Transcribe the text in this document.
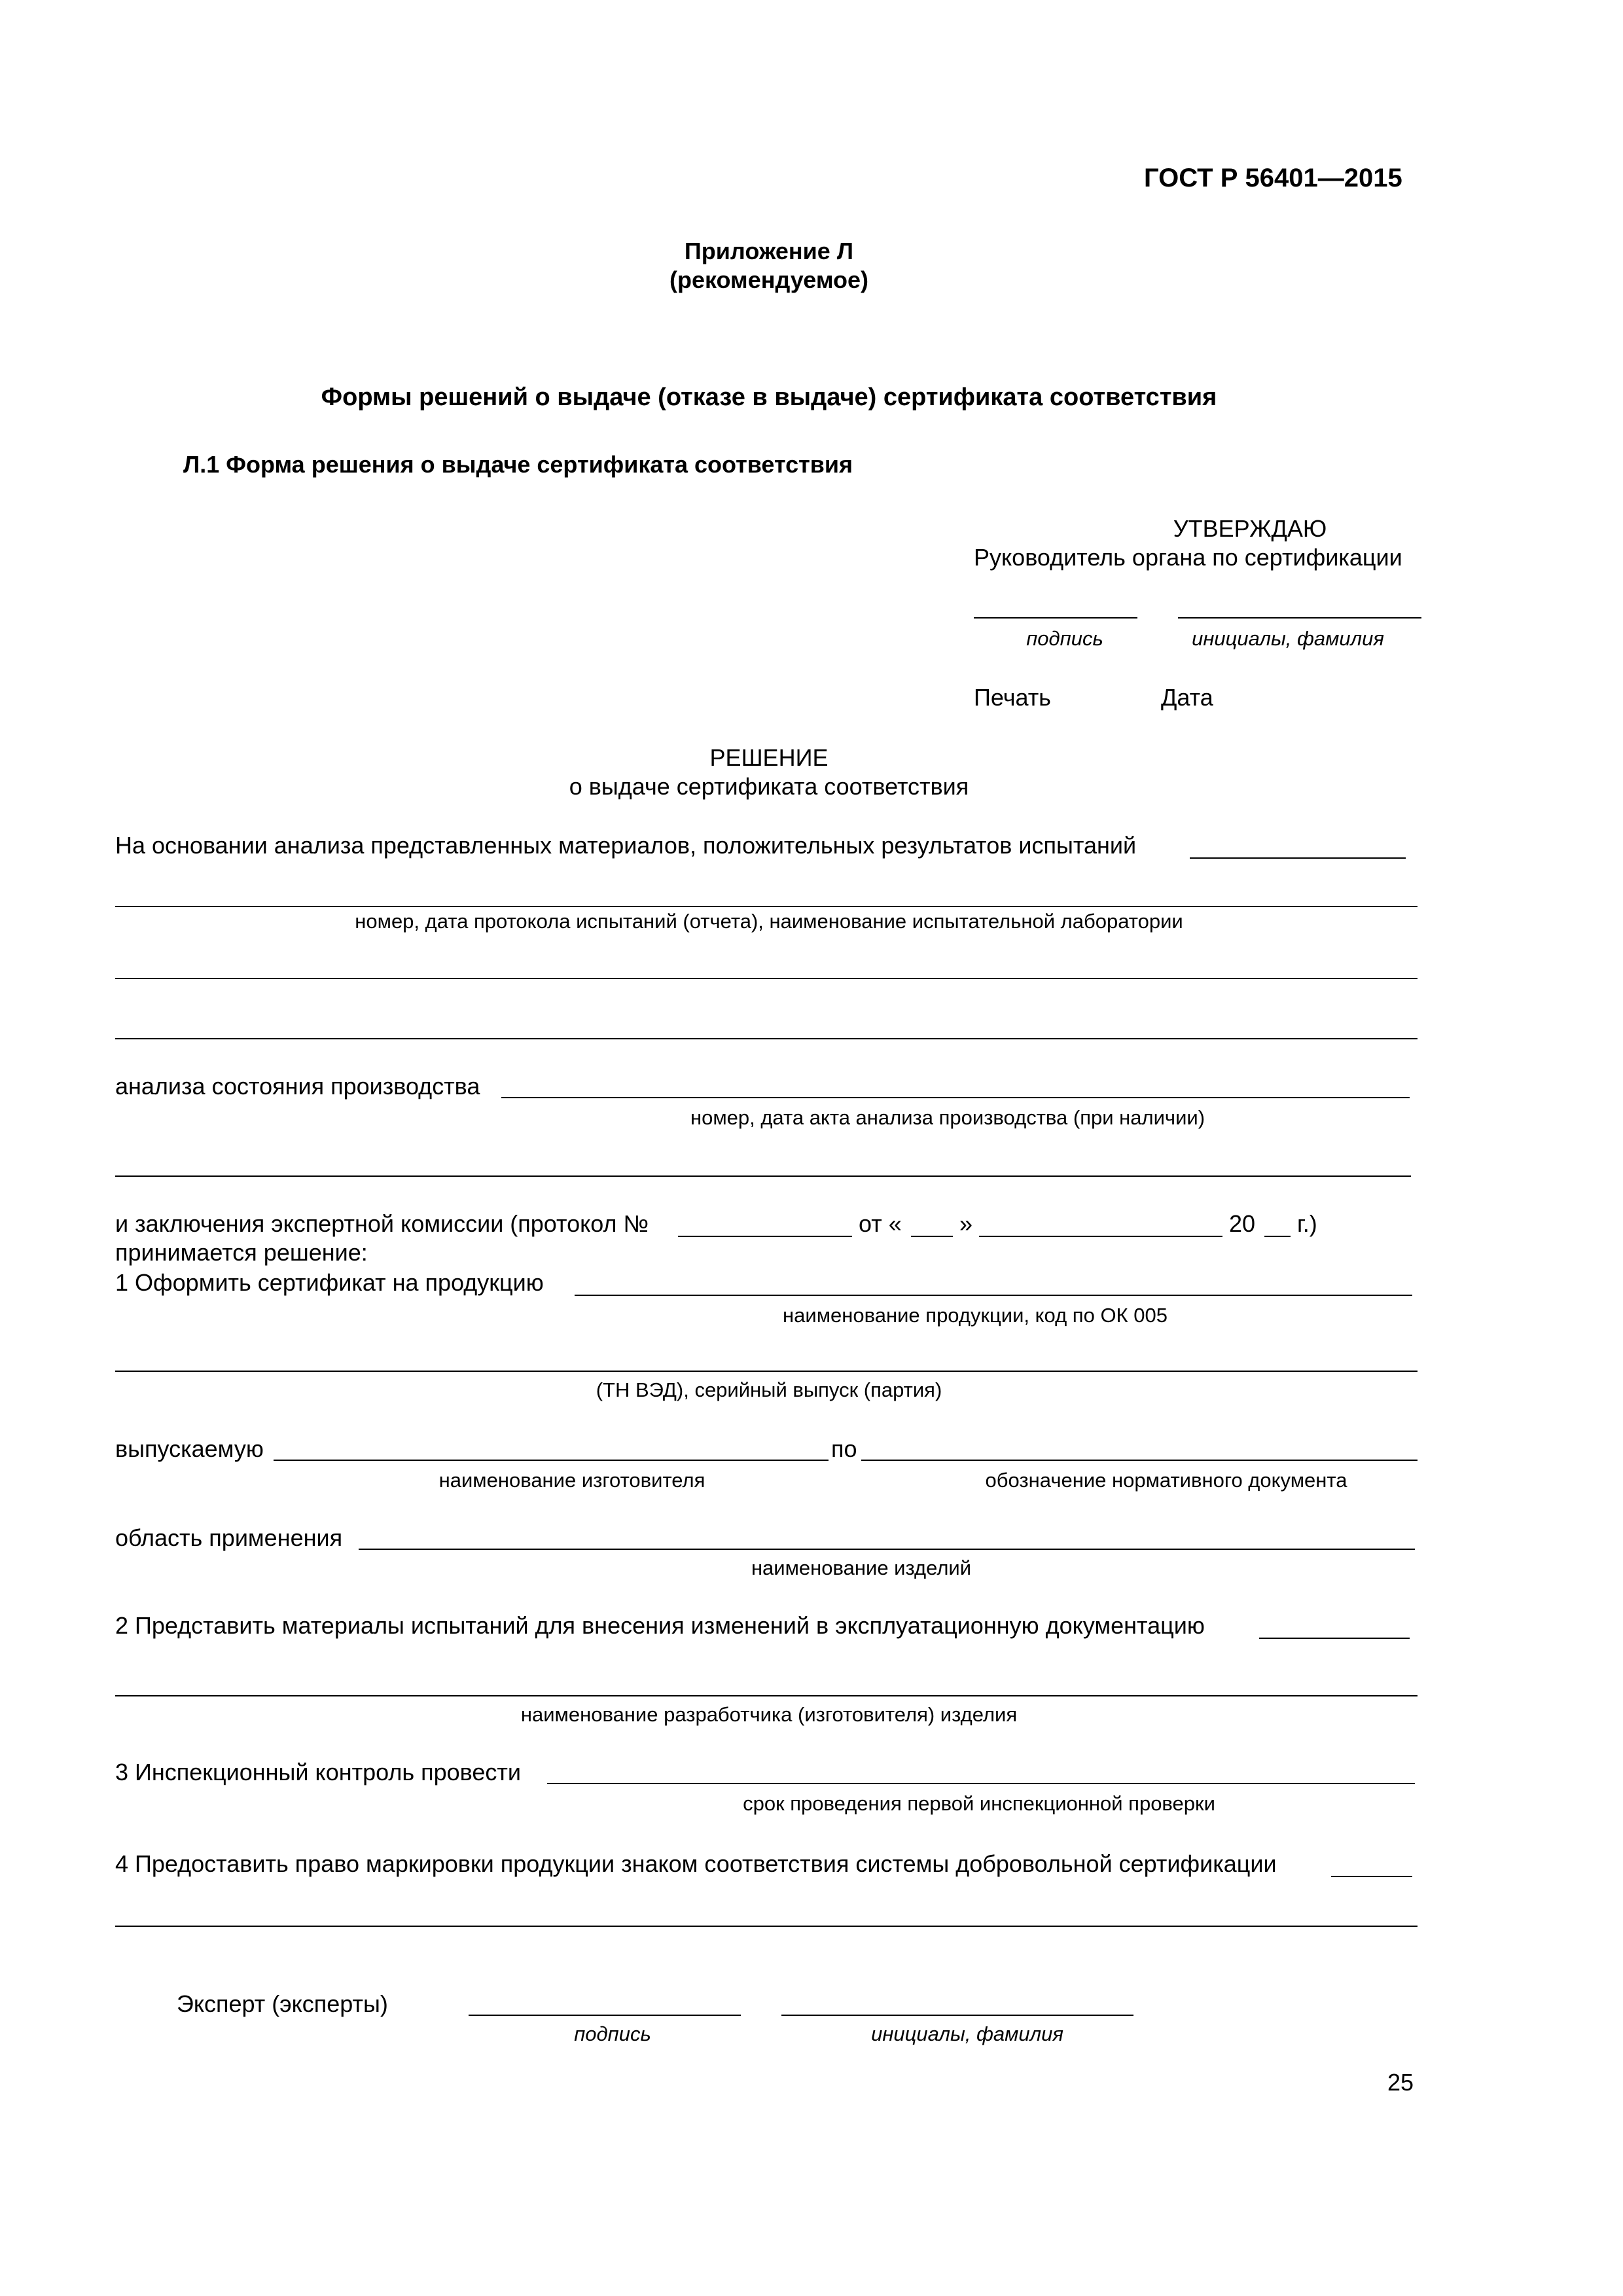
ГОСТ Р 56401—2015
Приложение Л
(рекомендуемое)
Формы решений о выдаче (отказе в выдаче) сертификата соответствия
Л.1 Форма решения о выдаче сертификата соответствия
УТВЕРЖДАЮ
Руководитель органа по сертификации
подпись	инициалы, фамилия
Печать	Дата
РЕШЕНИЕ
о выдаче сертификата соответствия
На основании анализа представленных материалов, положительных результатов испытаний
номер, дата протокола испытаний (отчета), наименование испытательной лаборатории
анализа состояния производства
номер, дата акта анализа производства (при наличии)
и заключения экспертной комиссии (протокол №	от « »	20 г.)
принимается решение:
1 Оформить сертификат на продукцию
наименование продукции, код по ОК 005
(ТН ВЭД), серийный выпуск (партия)
выпускаемую	по
наименование изготовителя	обозначение нормативного документа
область применения
наименование изделий
2 Представить материалы испытаний для внесения изменений в эксплуатационную документацию
наименование разработчика (изготовителя) изделия
3 Инспекционный контроль провести
срок проведения первой инспекционной проверки
4 Предоставить право маркировки продукции знаком соответствия системы добровольной сертификации
Эксперт (эксперты)
подпись	инициалы, фамилия
25
